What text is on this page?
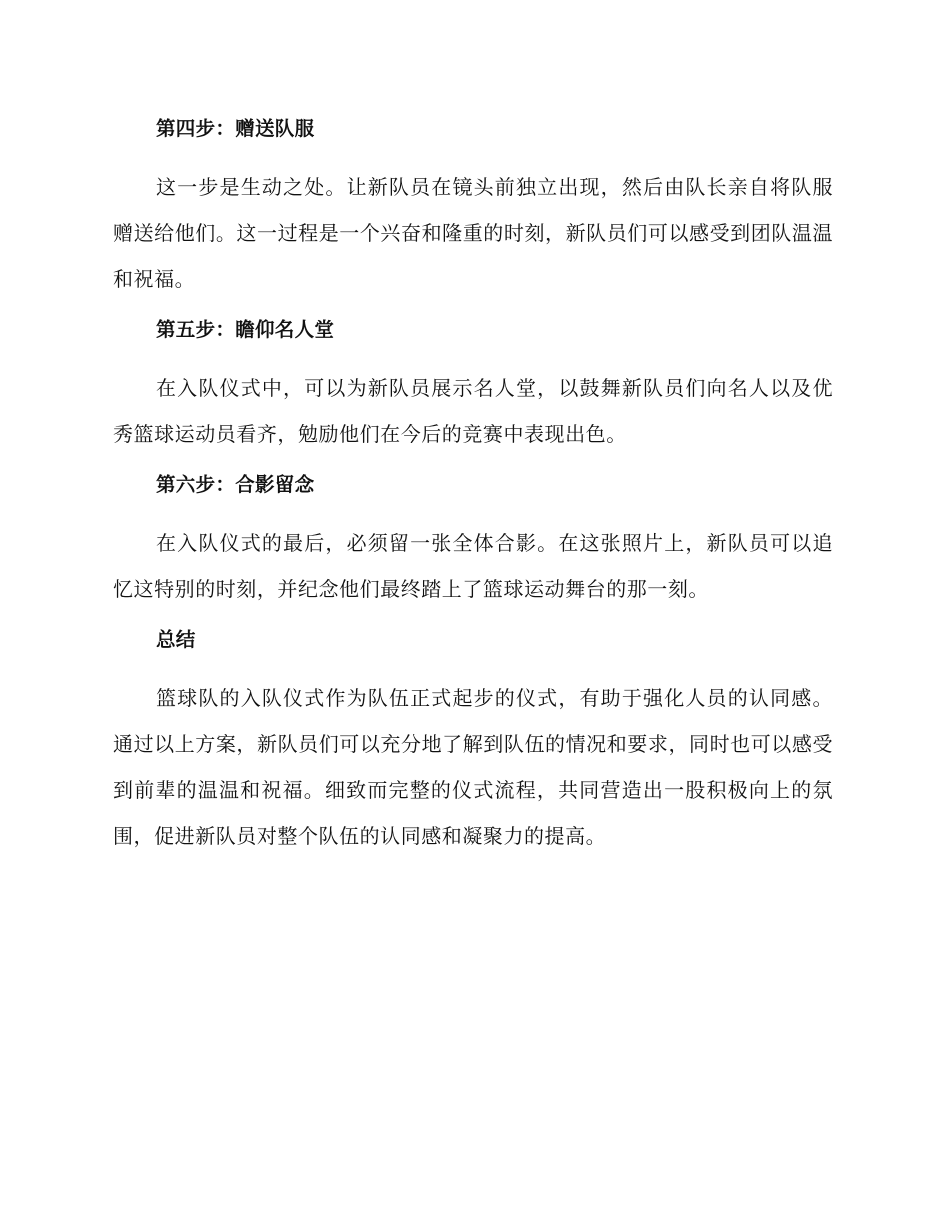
第四步：赠送队服

这一步是生动之处。让新队员在镜头前独立出现，然后由队长亲自将队服赠送给他们。这一过程是一个兴奋和隆重的时刻，新队员们可以感受到团队温温和祝福。

第五步：瞻仰名人堂

在入队仪式中，可以为新队员展示名人堂，以鼓舞新队员们向名人以及优秀篮球运动员看齐，勉励他们在今后的竞赛中表现出色。

第六步：合影留念

在入队仪式的最后，必须留一张全体合影。在这张照片上，新队员可以追忆这特别的时刻，并纪念他们最终踏上了篮球运动舞台的那一刻。

总结

篮球队的入队仪式作为队伍正式起步的仪式，有助于强化人员的认同感。通过以上方案，新队员们可以充分地了解到队伍的情况和要求，同时也可以感受到前辈的温温和祝福。细致而完整的仪式流程，共同营造出一股积极向上的氛围，促进新队员对整个队伍的认同感和凝聚力的提高。
